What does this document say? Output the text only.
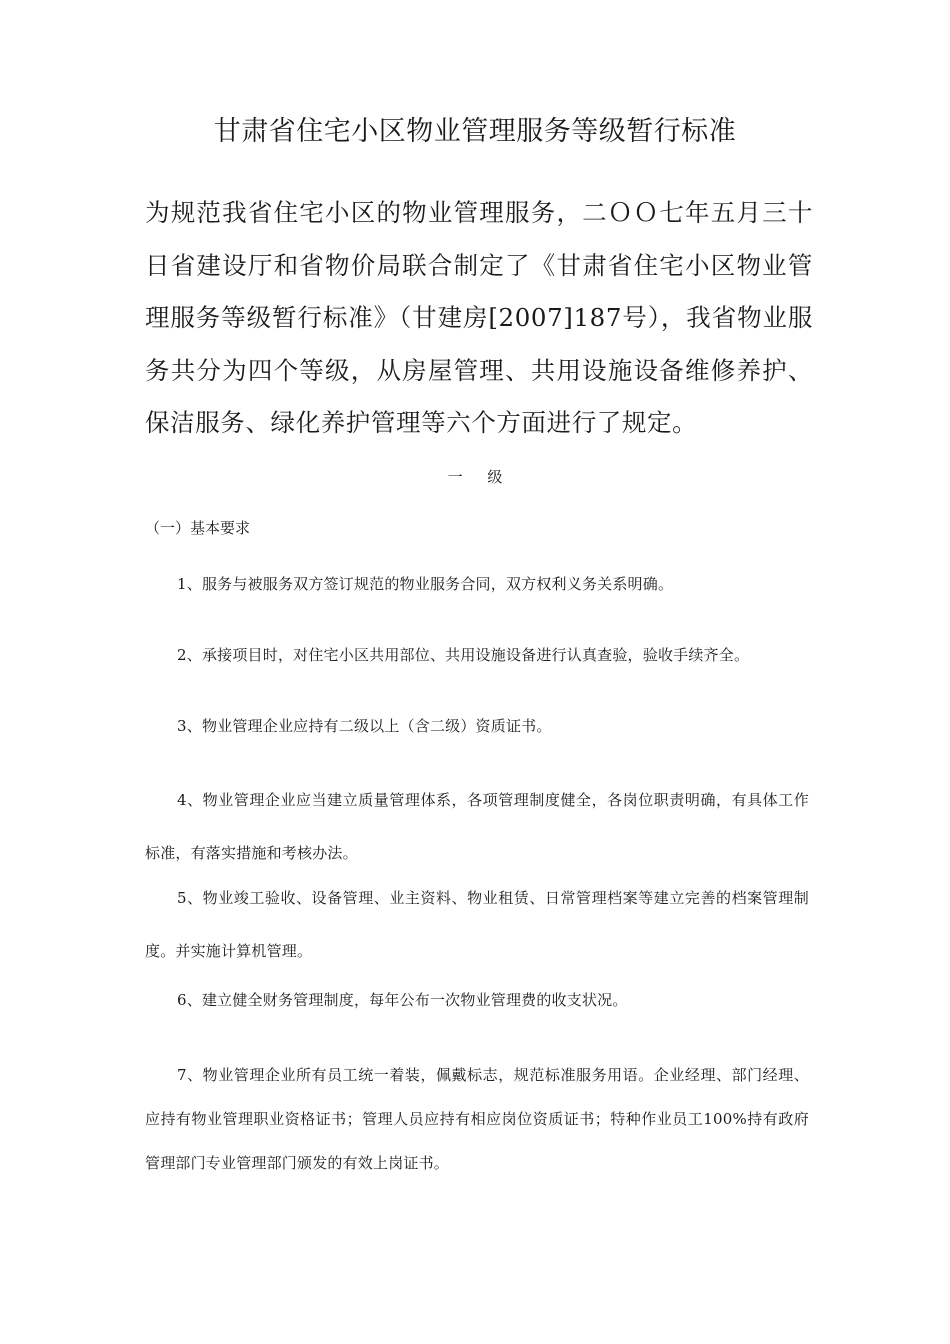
甘肃省住宅小区物业管理服务等级暂行标准

为规范我省住宅小区的物业管理服务，二ＯＯ七年五月三十日省建设厅和省物价局联合制定了《甘肃省住宅小区物业管理服务等级暂行标准》（甘建房[2007]187号），我省物业服务共分为四个等级，从房屋管理、共用设施设备维修养护、保洁服务、绿化养护管理等六个方面进行了规定。

一 级
（一）基本要求

1、服务与被服务双方签订规范的物业服务合同，双方权利义务关系明确。

2、承接项目时，对住宅小区共用部位、共用设施设备进行认真查验，验收手续齐全。

3、物业管理企业应持有二级以上（含二级）资质证书。

4、物业管理企业应当建立质量管理体系，各项管理制度健全，各岗位职责明确，有具体工作标准，有落实措施和考核办法。

5、物业竣工验收、设备管理、业主资料、物业租赁、日常管理档案等建立完善的档案管理制度。并实施计算机管理。

6、建立健全财务管理制度，每年公布一次物业管理费的收支状况。

7、物业管理企业所有员工统一着装，佩戴标志，规范标准服务用语。企业经理、部门经理、应持有物业管理职业资格证书；管理人员应持有相应岗位资质证书；特种作业员工100%持有政府管理部门专业管理部门颁发的有效上岗证书。
